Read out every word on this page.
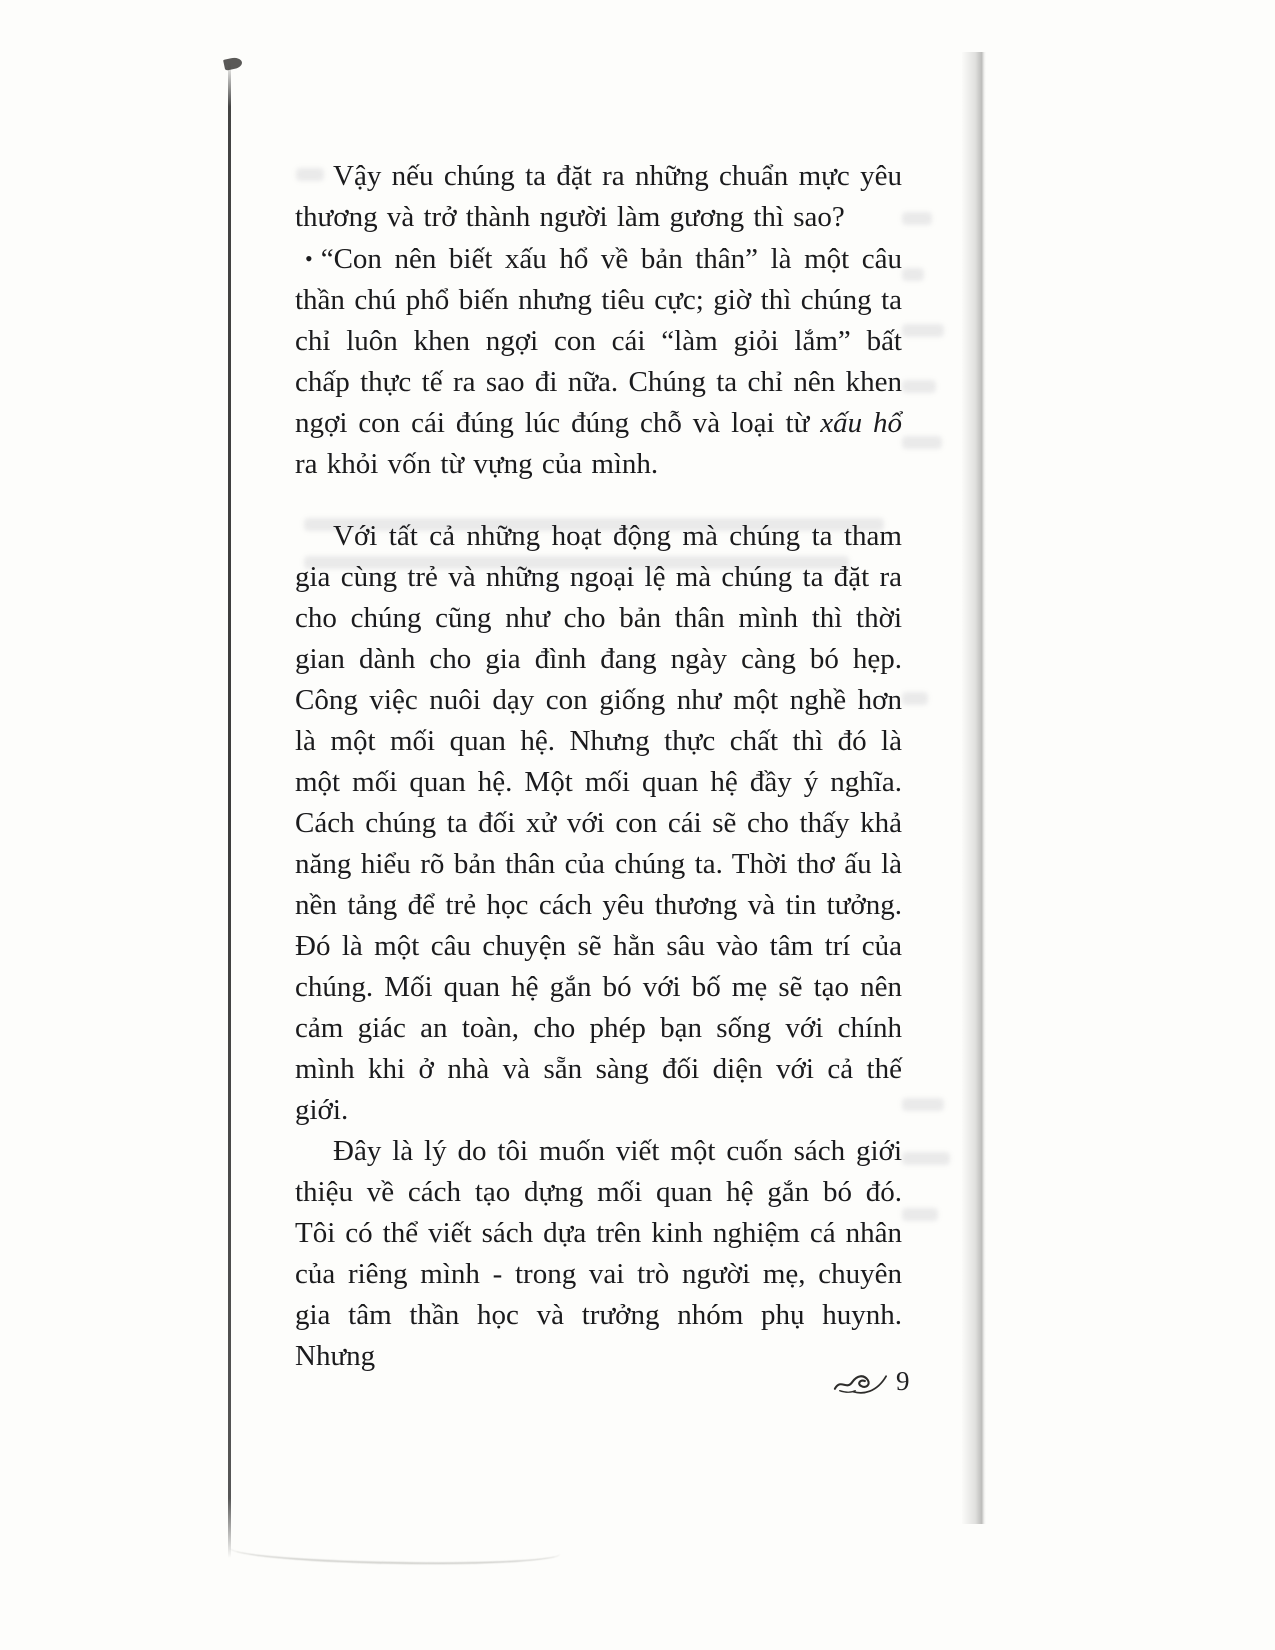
Vậy nếu chúng ta đặt ra những chuẩn mực yêu thương và trở thành người làm gương thì sao?

• “Con nên biết xấu hổ về bản thân” là một câu thần chú phổ biến nhưng tiêu cực; giờ thì chúng ta chỉ luôn khen ngợi con cái “làm giỏi lắm” bất chấp thực tế ra sao đi nữa. Chúng ta chỉ nên khen ngợi con cái đúng lúc đúng chỗ và loại từ xấu hổ ra khỏi vốn từ vựng của mình.

Với tất cả những hoạt động mà chúng ta tham gia cùng trẻ và những ngoại lệ mà chúng ta đặt ra cho chúng cũng như cho bản thân mình thì thời gian dành cho gia đình đang ngày càng bó hẹp. Công việc nuôi dạy con giống như một nghề hơn là một mối quan hệ. Nhưng thực chất thì đó là một mối quan hệ. Một mối quan hệ đầy ý nghĩa. Cách chúng ta đối xử với con cái sẽ cho thấy khả năng hiểu rõ bản thân của chúng ta. Thời thơ ấu là nền tảng để trẻ học cách yêu thương và tin tưởng. Đó là một câu chuyện sẽ hằn sâu vào tâm trí của chúng. Mối quan hệ gắn bó với bố mẹ sẽ tạo nên cảm giác an toàn, cho phép bạn sống với chính mình khi ở nhà và sẵn sàng đối diện với cả thế giới.

Đây là lý do tôi muốn viết một cuốn sách giới thiệu về cách tạo dựng mối quan hệ gắn bó đó. Tôi có thể viết sách dựa trên kinh nghiệm cá nhân của riêng mình - trong vai trò người mẹ, chuyên gia tâm thần học và trưởng nhóm phụ huynh. Nhưng

9
